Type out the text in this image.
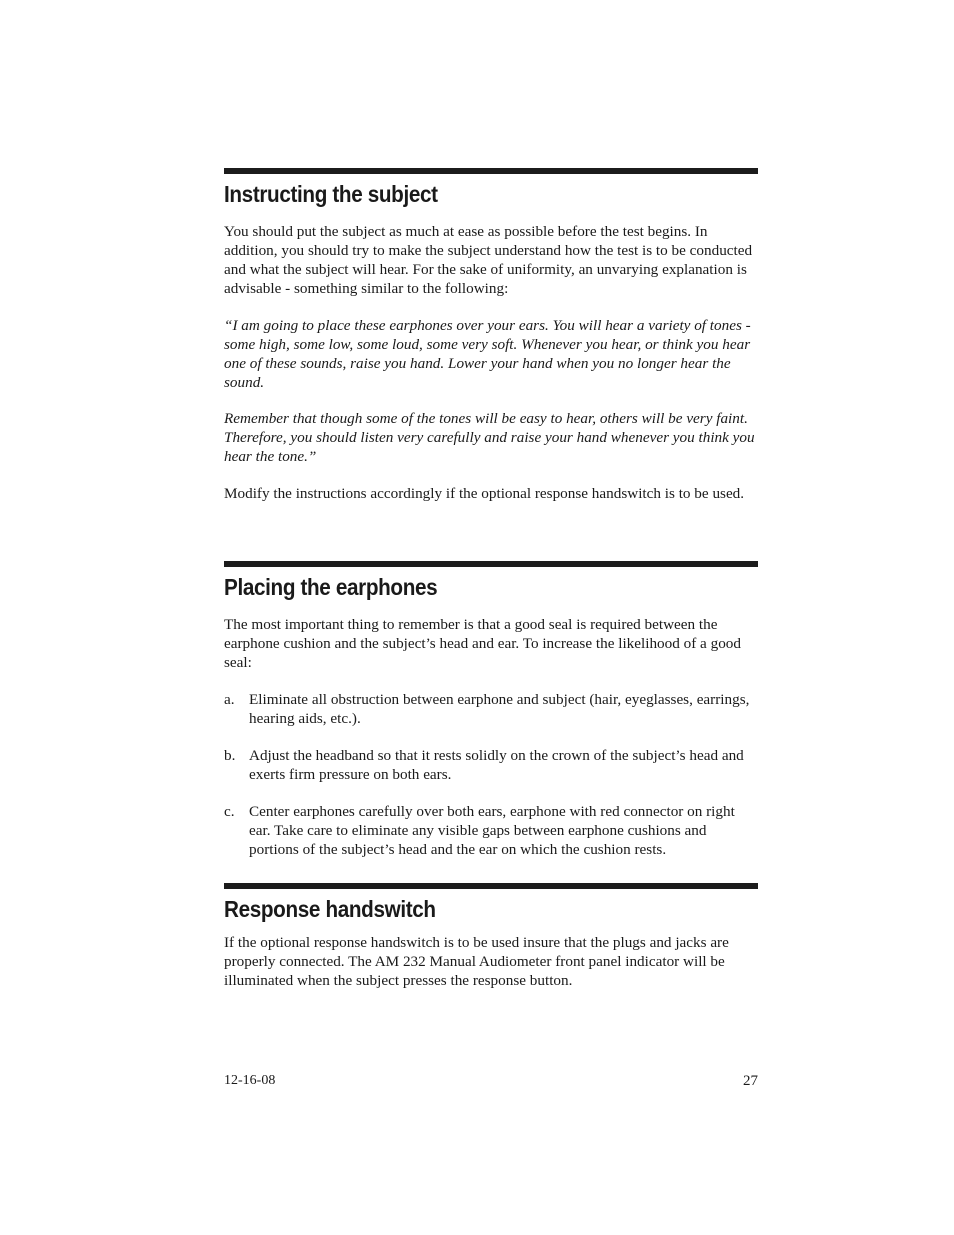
Instructing the subject

You should put the subject as much at ease as possible before the test begins. In addition, you should try to make the subject understand how the test is to be conducted and what the subject will hear. For the sake of uniformity, an unvarying explanation is advisable - something similar to the following:

“I am going to place these earphones over your ears. You will hear a variety of tones - some high, some low, some loud, some very soft. Whenever you hear, or think you hear one of these sounds, raise you hand. Lower your hand when you no longer hear the sound.

Remember that though some of the tones will be easy to hear, others will be very faint. Therefore, you should listen very carefully and raise your hand whenever you think you hear the tone.”

Modify the instructions accordingly if the optional response handswitch is to be used.

Placing the earphones

The most important thing to remember is that a good seal is required between the earphone cushion and the subject’s head and ear. To increase the likelihood of a good seal:

a. Eliminate all obstruction between earphone and subject (hair, eyeglasses, earrings, hearing aids, etc.).
b. Adjust the headband so that it rests solidly on the crown of the subject’s head and exerts firm pressure on both ears.
c. Center earphones carefully over both ears, earphone with red connector on right ear. Take care to eliminate any visible gaps between earphone cushions and portions of the subject’s head and the ear on which the cushion rests.
Response handswitch

If the optional response handswitch is to be used insure that the plugs and jacks are properly connected. The AM 232 Manual Audiometer front panel indicator will be illuminated when the subject presses the response button.

12-16-08	27
